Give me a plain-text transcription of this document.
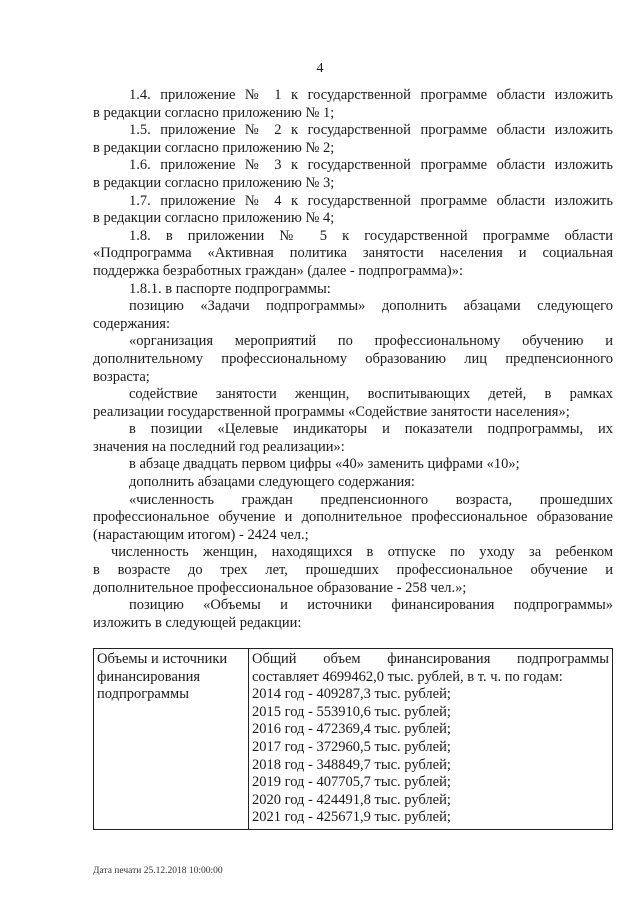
4

1.4. приложение № 1 к государственной программе области изложить

в редакции согласно приложению № 1;

1.5. приложение № 2 к государственной программе области изложить

в редакции согласно приложению № 2;

1.6. приложение № 3 к государственной программе области изложить

в редакции согласно приложению № 3;

1.7. приложение № 4 к государственной программе области изложить

в редакции согласно приложению № 4;

1.8. в приложении № 5 к государственной программе области

«Подпрограмма «Активная политика занятости населения и социальная

поддержка безработных граждан» (далее - подпрограмма)»:

1.8.1. в паспорте подпрограммы:

позицию «Задачи подпрограммы» дополнить абзацами следующего

содержания:

«организация мероприятий по профессиональному обучению и

дополнительному профессиональному образованию лиц предпенсионного

возраста;

содействие занятости женщин, воспитывающих детей, в рамках

реализации государственной программы «Содействие занятости населения»;

в позиции «Целевые индикаторы и показатели подпрограммы, их

значения на последний год реализации»:

в абзаце двадцать первом цифры «40» заменить цифрами «10»;

дополнить абзацами следующего содержания:

«численность граждан предпенсионного возраста, прошедших

профессиональное обучение и дополнительное профессиональное образование

(нарастающим итогом) - 2424 чел.;

численность женщин, находящихся в отпуске по уходу за ребенком

в возрасте до трех лет, прошедших профессиональное обучение и

дополнительное профессиональное образование - 258 чел.»;

позицию «Объемы и источники финансирования подпрограммы»

изложить в следующей редакции:

Объемы и источники
финансирования
подпрограммы

Общий объем финансирования подпрограммы
составляет 4699462,0 тыс. рублей, в т. ч. по годам:
2014 год - 409287,3 тыс. рублей;
2015 год - 553910,6 тыс. рублей;
2016 год - 472369,4 тыс. рублей;
2017 год - 372960,5 тыс. рублей;
2018 год - 348849,7 тыс. рублей;
2019 год - 407705,7 тыс. рублей;
2020 год - 424491,8 тыс. рублей;
2021 год - 425671,9 тыс. рублей;
Дата печати 25.12.2018 10:00:00
